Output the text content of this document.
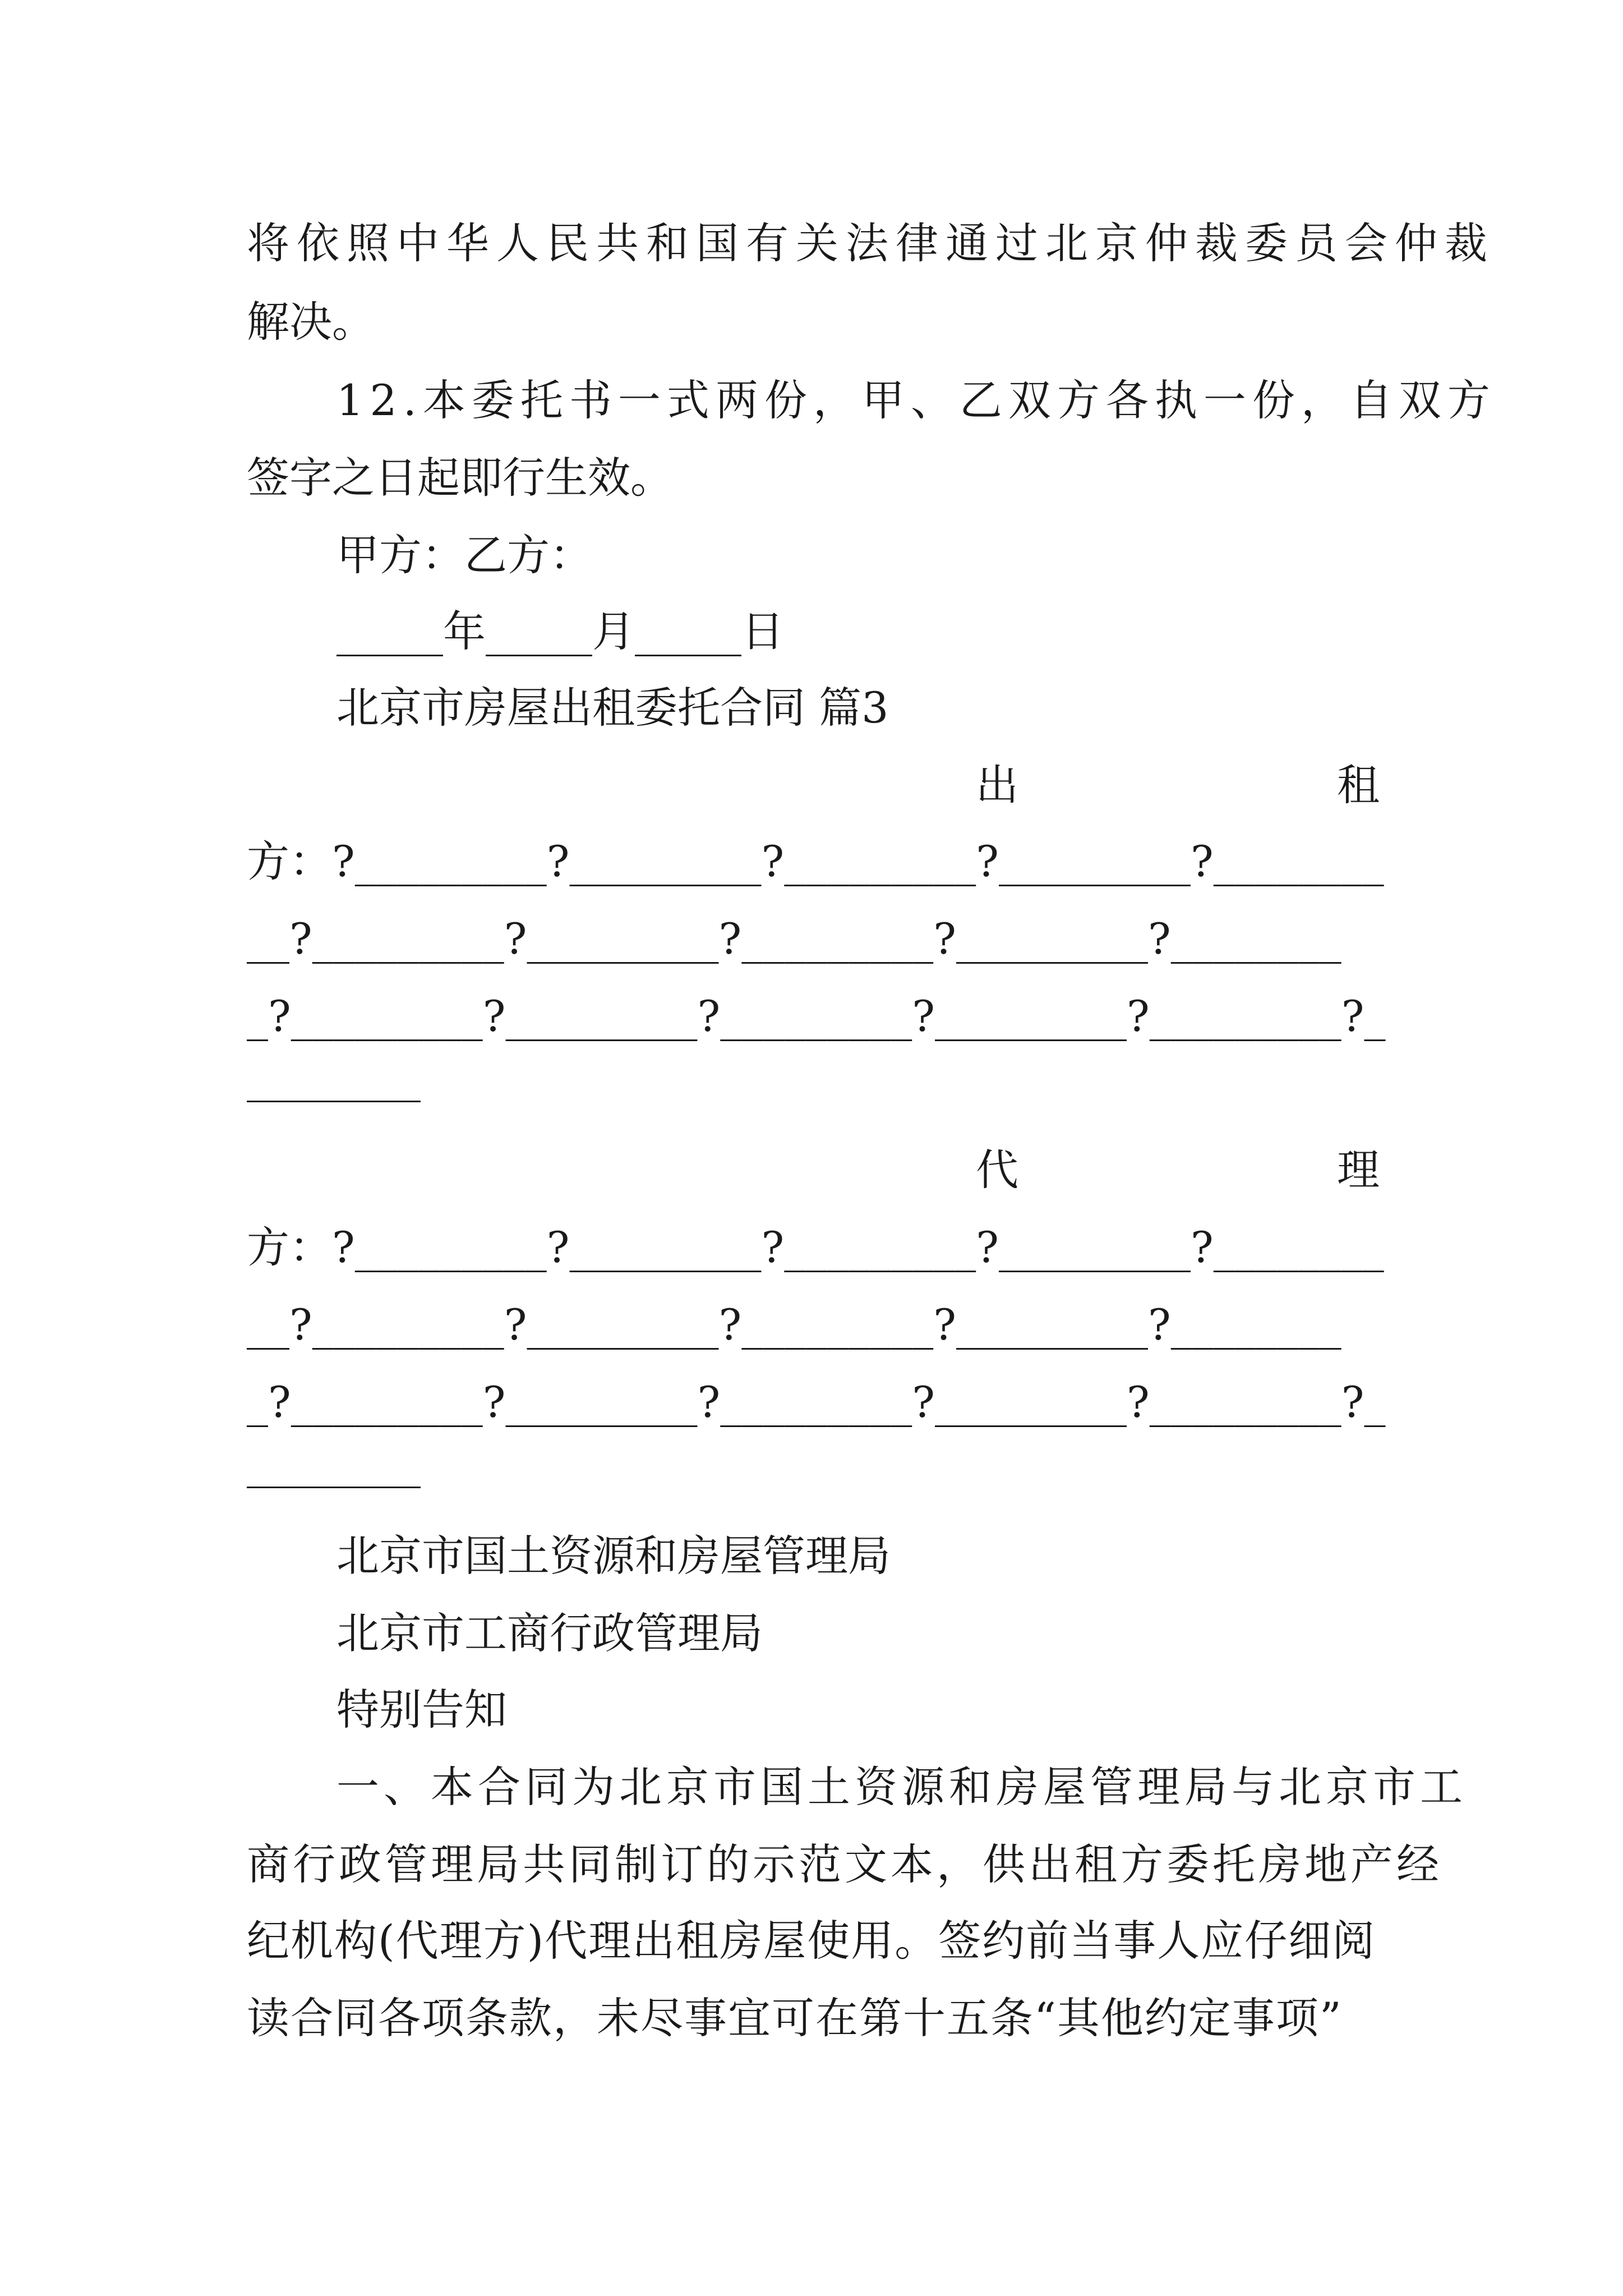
将依照中华人民共和国有关法律通过北京仲裁委员会仲裁
解决。
12.本委托书一式两份，甲、乙双方各执一份，自双方
签字之日起即行生效。
甲方：乙方：
_____年_____月_____日
北京市房屋出租委托合同 篇3
出	租
方：?_________?_________?_________?_________?________
__?_________?_________?_________?_________?________
_?_________?_________?_________?_________?_________?_
代	理
方：?_________?_________?_________?_________?________
__?_________?_________?_________?_________?________
_?_________?_________?_________?_________?_________?_
北京市国土资源和房屋管理局
北京市工商行政管理局
特别告知
一、本合同为北京市国土资源和房屋管理局与北京市工
商行政管理局共同制订的示范文本，供出租方委托房地产经
纪机构(代理方)代理出租房屋使用。签约前当事人应仔细阅
读合同各项条款，未尽事宜可在第十五条“其他约定事项”
